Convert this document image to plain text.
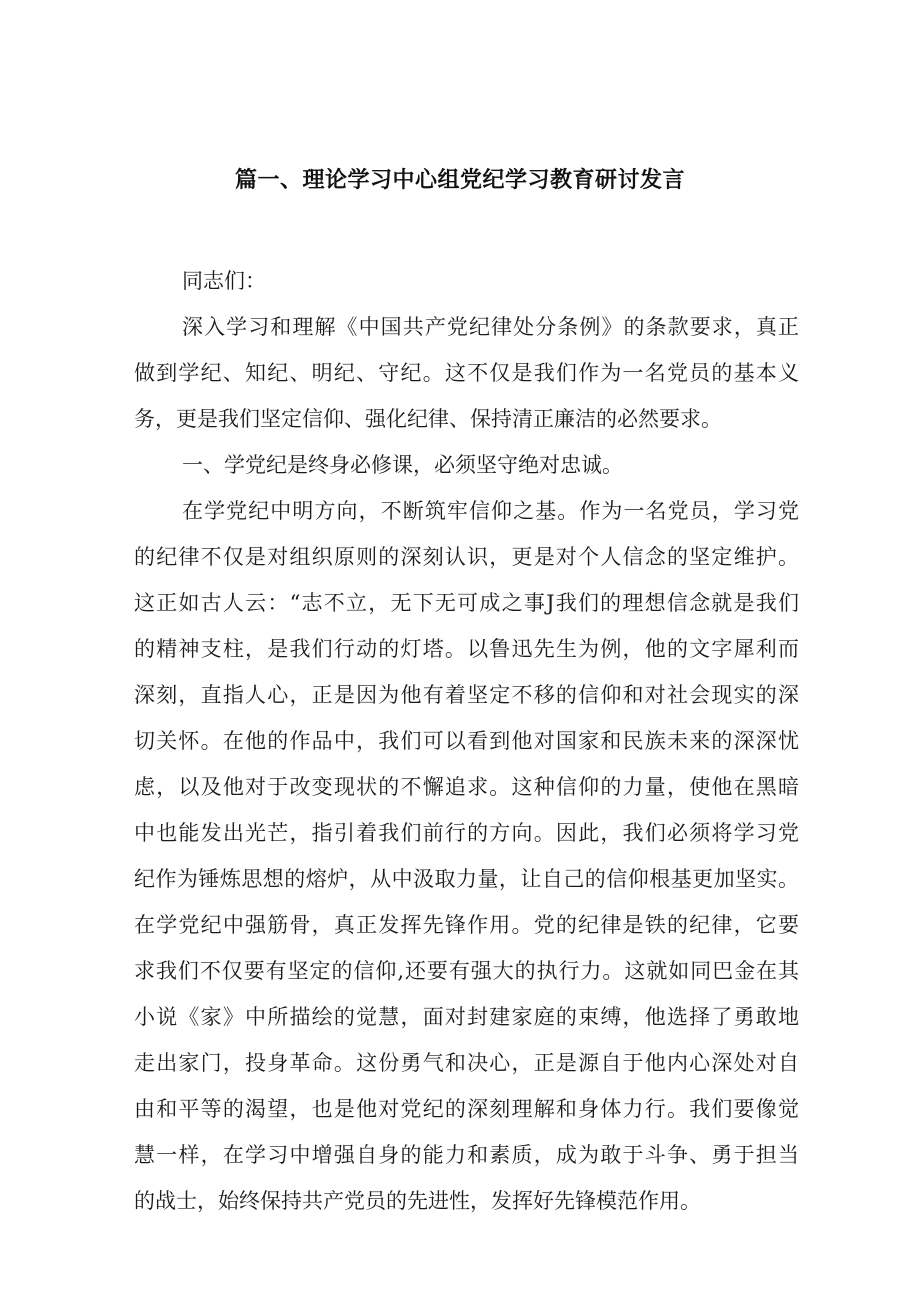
篇一、理论学习中心组党纪学习教育研讨发言
同志们：
深入学习和理解《中国共产党纪律处分条例》的条款要求，真正
做到学纪、知纪、明纪、守纪。这不仅是我们作为一名党员的基本义
务，更是我们坚定信仰、强化纪律、保持清正廉洁的必然要求。
一、学党纪是终身必修课，必须坚守绝对忠诚。
在学党纪中明方向，不断筑牢信仰之基。作为一名党员，学习党
的纪律不仅是对组织原则的深刻认识，更是对个人信念的坚定维护。
这正如古人云：“志不立，无下无可成之事J我们的理想信念就是我们
的精神支柱，是我们行动的灯塔。以鲁迅先生为例，他的文字犀利而
深刻，直指人心，正是因为他有着坚定不移的信仰和对社会现实的深
切关怀。在他的作品中，我们可以看到他对国家和民族未来的深深忧
虑，以及他对于改变现状的不懈追求。这种信仰的力量，使他在黑暗
中也能发出光芒，指引着我们前行的方向。因此，我们必须将学习党
纪作为锤炼思想的熔炉，从中汲取力量，让自己的信仰根基更加坚实。
在学党纪中强筋骨，真正发挥先锋作用。党的纪律是铁的纪律，它要
求我们不仅要有坚定的信仰,还要有强大的执行力。这就如同巴金在其
小说《家》中所描绘的觉慧，面对封建家庭的束缚，他选择了勇敢地
走出家门，投身革命。这份勇气和决心，正是源自于他内心深处对自
由和平等的渴望，也是他对党纪的深刻理解和身体力行。我们要像觉
慧一样，在学习中增强自身的能力和素质，成为敢于斗争、勇于担当
的战士，始终保持共产党员的先进性，发挥好先锋模范作用。
